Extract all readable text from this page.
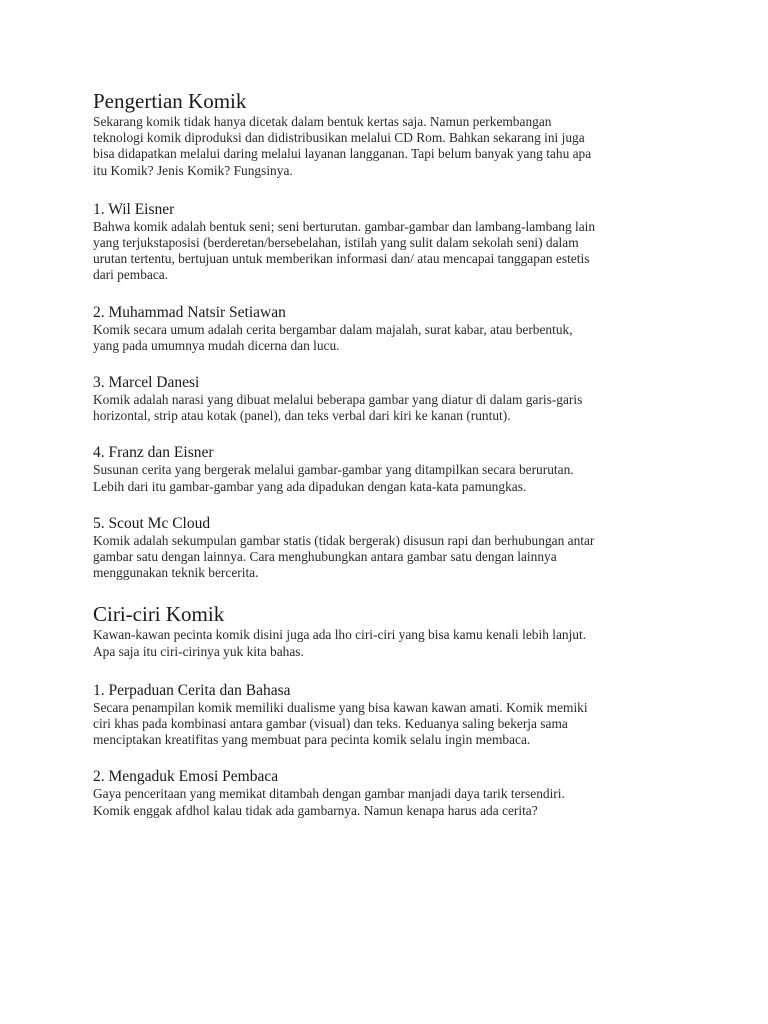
Pengertian Komik
Sekarang komik tidak hanya dicetak dalam bentuk kertas saja. Namun perkembangan
teknologi komik diproduksi dan didistribusikan melalui CD Rom. Bahkan sekarang ini juga
bisa didapatkan melalui daring melalui layanan langganan. Tapi belum banyak yang tahu apa
itu Komik? Jenis Komik? Fungsinya.
1. Wil Eisner
Bahwa komik adalah bentuk seni; seni berturutan. gambar-gambar dan lambang-lambang lain
yang terjukstaposisi (berderetan/bersebelahan, istilah yang sulit dalam sekolah seni) dalam
urutan tertentu, bertujuan untuk memberikan informasi dan/ atau mencapai tanggapan estetis
dari pembaca.
2. Muhammad Natsir Setiawan
Komik secara umum adalah cerita bergambar dalam majalah, surat kabar, atau berbentuk,
yang pada umumnya mudah dicerna dan lucu.
3. Marcel Danesi
Komik adalah narasi yang dibuat melalui beberapa gambar yang diatur di dalam garis-garis
horizontal, strip atau kotak (panel), dan teks verbal dari kiri ke kanan (runtut).
4. Franz dan Eisner
Susunan cerita yang bergerak melalui gambar-gambar yang ditampilkan secara berurutan.
Lebih dari itu gambar-gambar yang ada dipadukan dengan kata-kata pamungkas.
5. Scout Mc Cloud
Komik adalah sekumpulan gambar statis (tidak bergerak) disusun rapi dan berhubungan antar
gambar satu dengan lainnya. Cara menghubungkan antara gambar satu dengan lainnya
menggunakan teknik bercerita.
Ciri-ciri Komik
Kawan-kawan pecinta komik disini juga ada lho ciri-ciri yang bisa kamu kenali lebih lanjut.
Apa saja itu ciri-cirinya yuk kita bahas.
1. Perpaduan Cerita dan Bahasa
Secara penampilan komik memiliki dualisme yang bisa kawan kawan amati. Komik memiki
ciri khas pada kombinasi antara gambar (visual) dan teks. Keduanya saling bekerja sama
menciptakan kreatifitas yang membuat para pecinta komik selalu ingin membaca.
2. Mengaduk Emosi Pembaca
Gaya penceritaan yang memikat ditambah dengan gambar manjadi daya tarik tersendiri.
Komik enggak afdhol kalau tidak ada gambarnya. Namun kenapa harus ada cerita?
